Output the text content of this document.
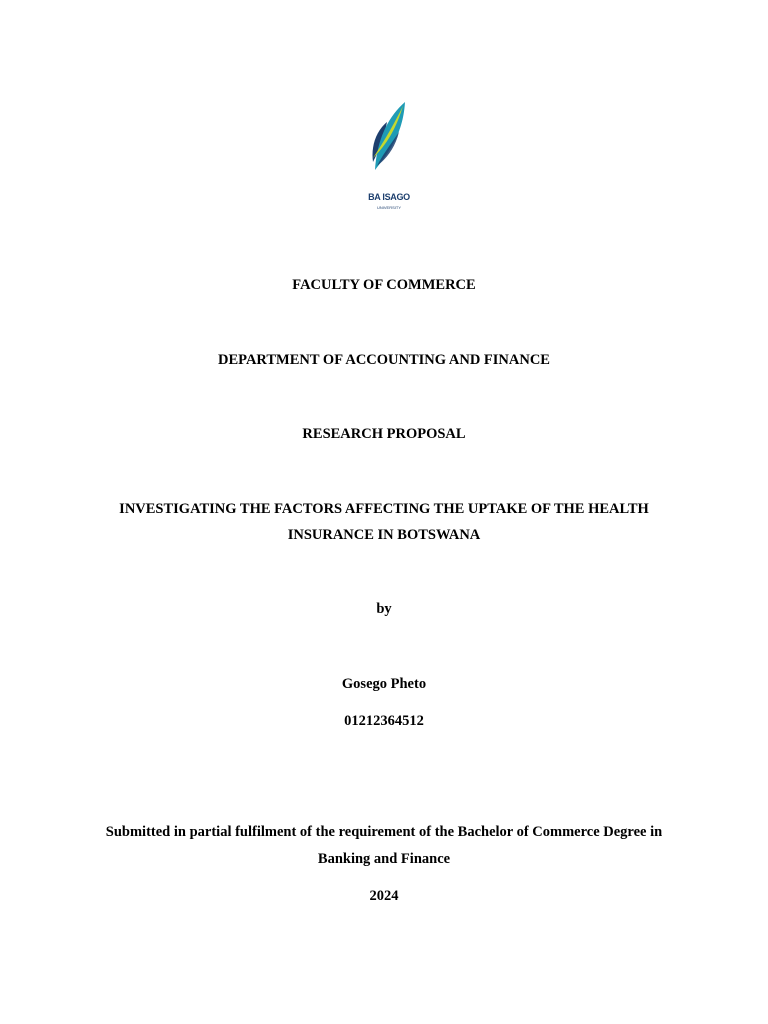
BA ISAGO
UNIVERSITY

FACULTY OF COMMERCE

DEPARTMENT OF ACCOUNTING AND FINANCE

RESEARCH PROPOSAL

INVESTIGATING THE FACTORS AFFECTING THE UPTAKE OF THE HEALTH

INSURANCE IN BOTSWANA

by

Gosego Pheto

01212364512

Submitted in partial fulfilment of the requirement of the Bachelor of Commerce Degree in

Banking and Finance

2024
